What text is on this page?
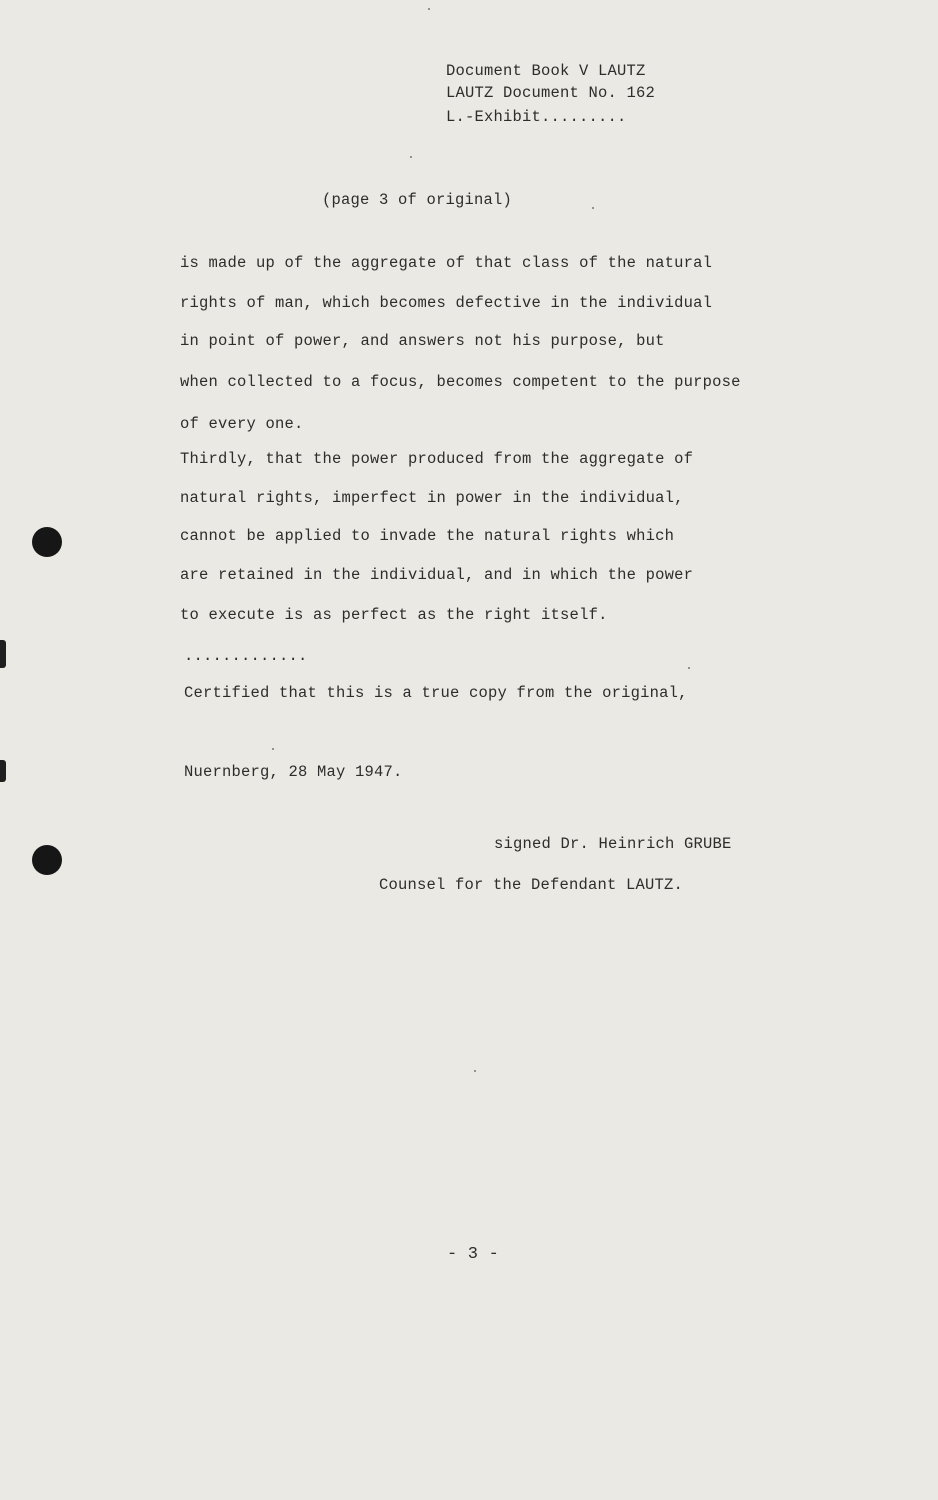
Document Book V LAUTZ
LAUTZ Document No. 162
L.-Exhibit.........
(page 3 of original)
is made up of the aggregate of that class of the natural
rights of man, which becomes defective in the individual
in point of power, and answers not his purpose, but
when collected to a focus, becomes competent to the purpose
of every one.
Thirdly, that the power produced from the aggregate of
natural rights, imperfect in power in the individual,
cannot be applied to invade the natural rights which
are retained in the individual, and in which the power
to execute is as perfect as the right itself.
.............
Certified that this is a true copy from the original,
Nuernberg, 28 May 1947.
signed Dr. Heinrich GRUBE
Counsel for the Defendant LAUTZ.
- 3 -
